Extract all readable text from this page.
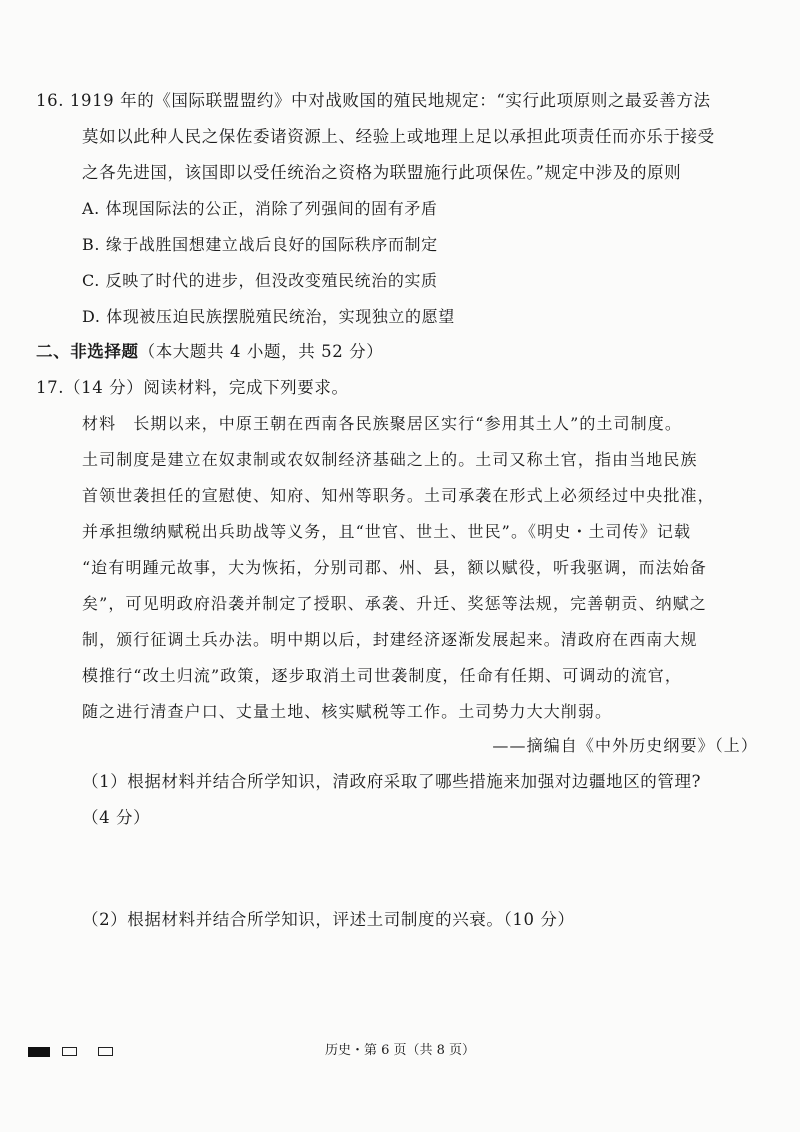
16. 1919 年的《国际联盟盟约》中对战败国的殖民地规定：“实行此项原则之最妥善方法
莫如以此种人民之保佐委诸资源上、经验上或地理上足以承担此项责任而亦乐于接受
之各先进国，该国即以受任统治之资格为联盟施行此项保佐。”规定中涉及的原则
A. 体现国际法的公正，消除了列强间的固有矛盾
B. 缘于战胜国想建立战后良好的国际秩序而制定
C. 反映了时代的进步，但没改变殖民统治的实质
D. 体现被压迫民族摆脱殖民统治，实现独立的愿望
二、非选择题（本大题共 4 小题，共 52 分）
17.（14 分）阅读材料，完成下列要求。
材料　长期以来，中原王朝在西南各民族聚居区实行“参用其土人”的土司制度。
土司制度是建立在奴隶制或农奴制经济基础之上的。土司又称土官，指由当地民族
首领世袭担任的宣慰使、知府、知州等职务。土司承袭在形式上必须经过中央批准，
并承担缴纳赋税出兵助战等义务，且“世官、世土、世民”。《明史・土司传》记载
“迨有明踵元故事，大为恢拓，分别司郡、州、县，额以赋役，听我驱调，而法始备
矣”，可见明政府沿袭并制定了授职、承袭、升迁、奖惩等法规，完善朝贡、纳赋之
制，颁行征调土兵办法。明中期以后，封建经济逐渐发展起来。清政府在西南大规
模推行“改土归流”政策，逐步取消土司世袭制度，任命有任期、可调动的流官，
随之进行清查户口、丈量土地、核实赋税等工作。土司势力大大削弱。
——摘编自《中外历史纲要》（上）
（1）根据材料并结合所学知识，清政府采取了哪些措施来加强对边疆地区的管理?
（4 分）
（2）根据材料并结合所学知识，评述土司制度的兴衰。（10 分）
历史・第 6 页（共 8 页）
